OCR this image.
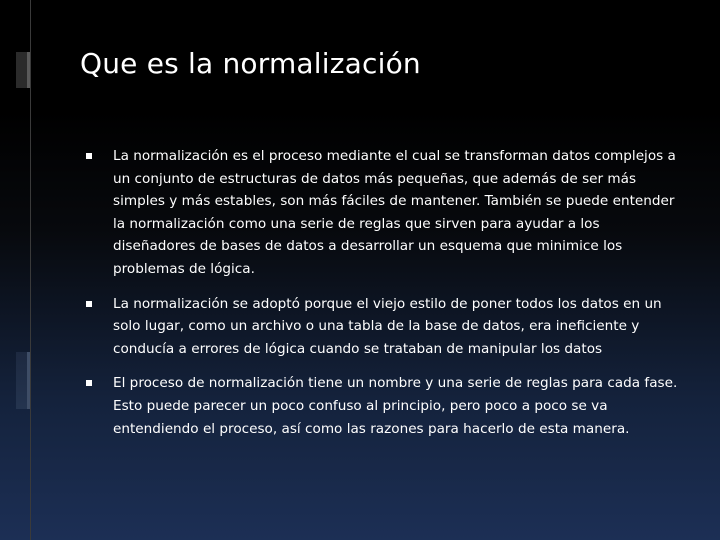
Que es la normalización
La normalización es el proceso mediante el cual se transforman datos complejos a un conjunto de estructuras de datos más pequeñas, que además de ser más simples y más estables, son más fáciles de mantener. También se puede entender la normalización como una serie de reglas que sirven para ayudar a los diseñadores de bases de datos a desarrollar un esquema que minimice los problemas de lógica.
La normalización se adoptó porque el viejo estilo de poner todos los datos en un solo lugar, como un archivo o una tabla de la base de datos, era ineficiente y conducía a errores de lógica cuando se trataban de manipular los datos
El proceso de normalización tiene un nombre y una serie de reglas para cada fase. Esto puede parecer un poco confuso al principio, pero poco a poco se va entendiendo el proceso, así como las razones para hacerlo de esta manera.
